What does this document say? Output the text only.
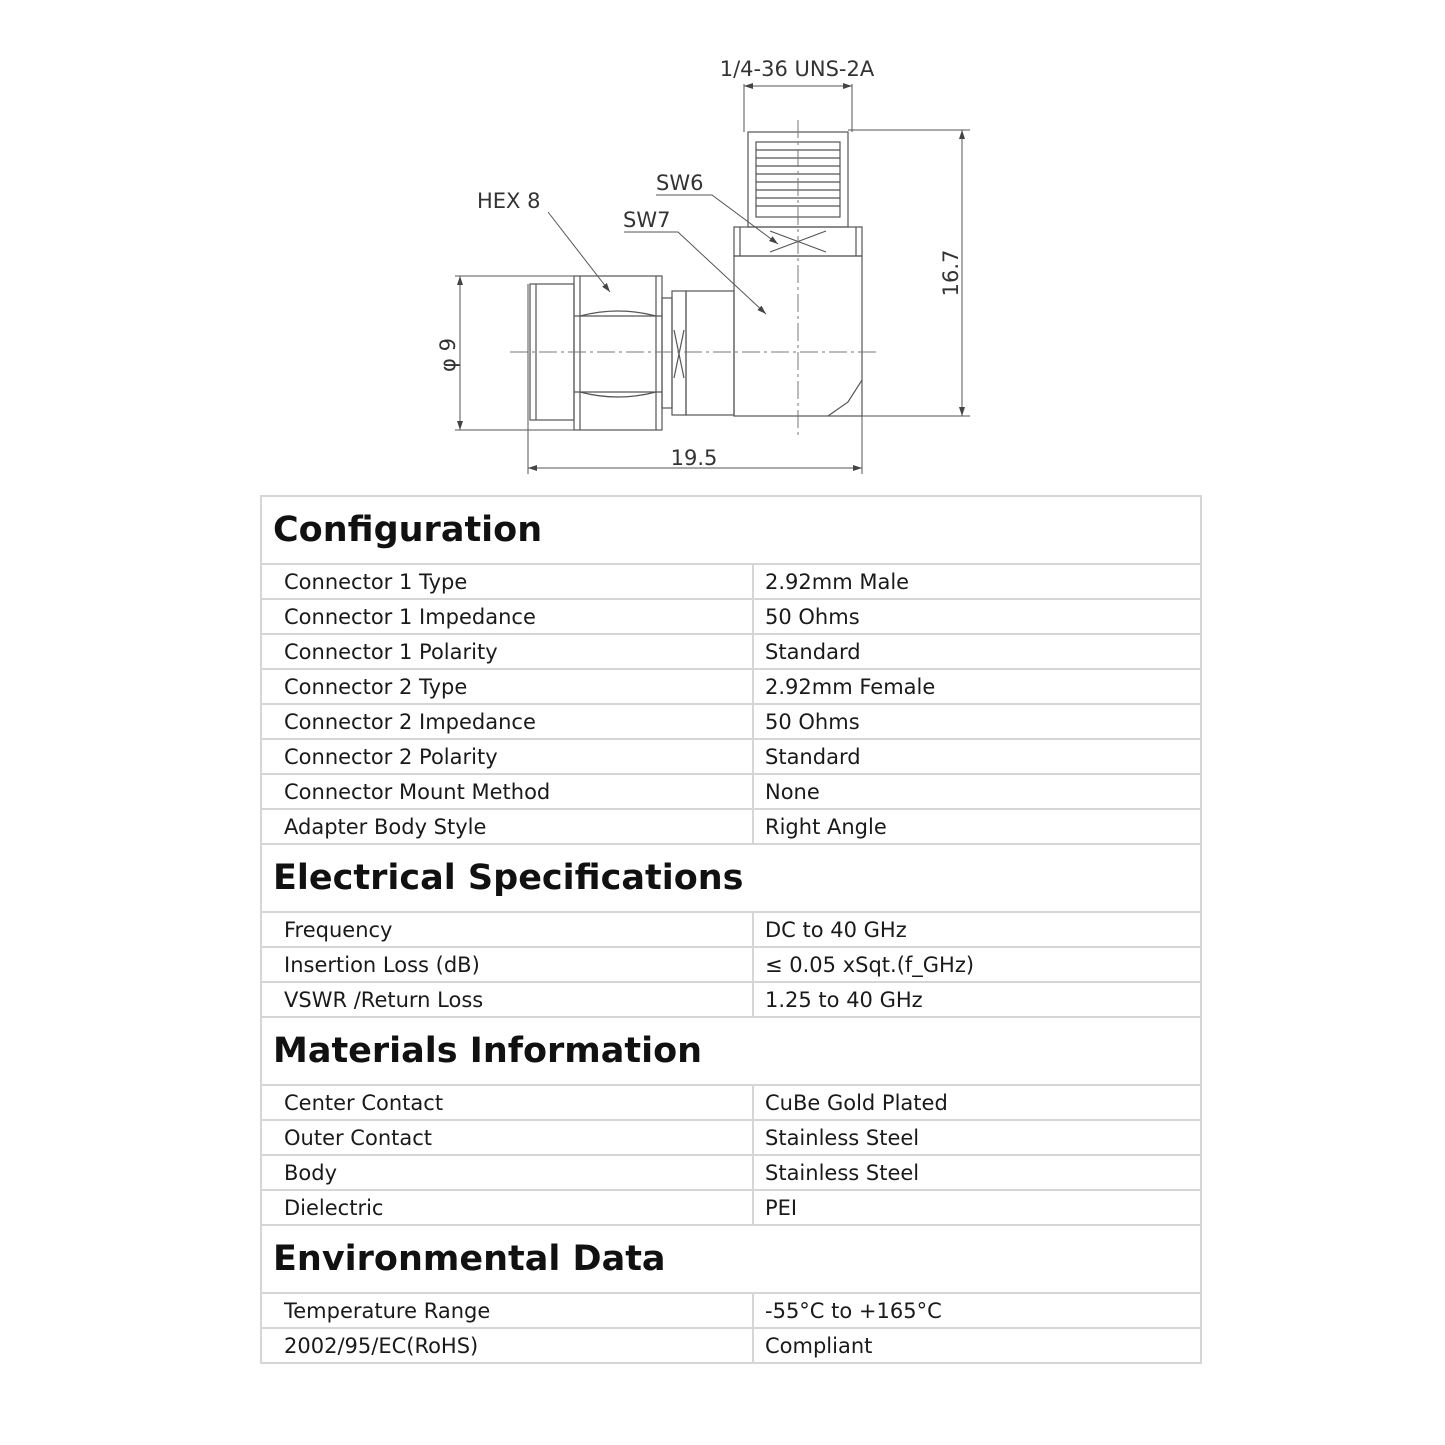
1/4-36 UNS-2A
SW6
SW7
HEX 8
φ 9
16.7
19.5
Configuration	
Connector 1 Type	2.92mm Male
Connector 1 Impedance	50 Ohms
Connector 1 Polarity	Standard
Connector 2 Type	2.92mm Female
Connector 2 Impedance	50 Ohms
Connector 2 Polarity	Standard
Connector Mount Method	None
Adapter Body Style	Right Angle
Electrical Specifications	
Frequency	DC to 40 GHz
Insertion Loss (dB)	≤ 0.05 xSqt.(f_GHz)
VSWR /Return Loss	1.25 to 40 GHz
Materials Information	
Center Contact	CuBe Gold Plated
Outer Contact	Stainless Steel
Body	Stainless Steel
Dielectric	PEI
Environmental Data	
Temperature Range	-55°C to +165°C
2002/95/EC(RoHS)	Compliant
